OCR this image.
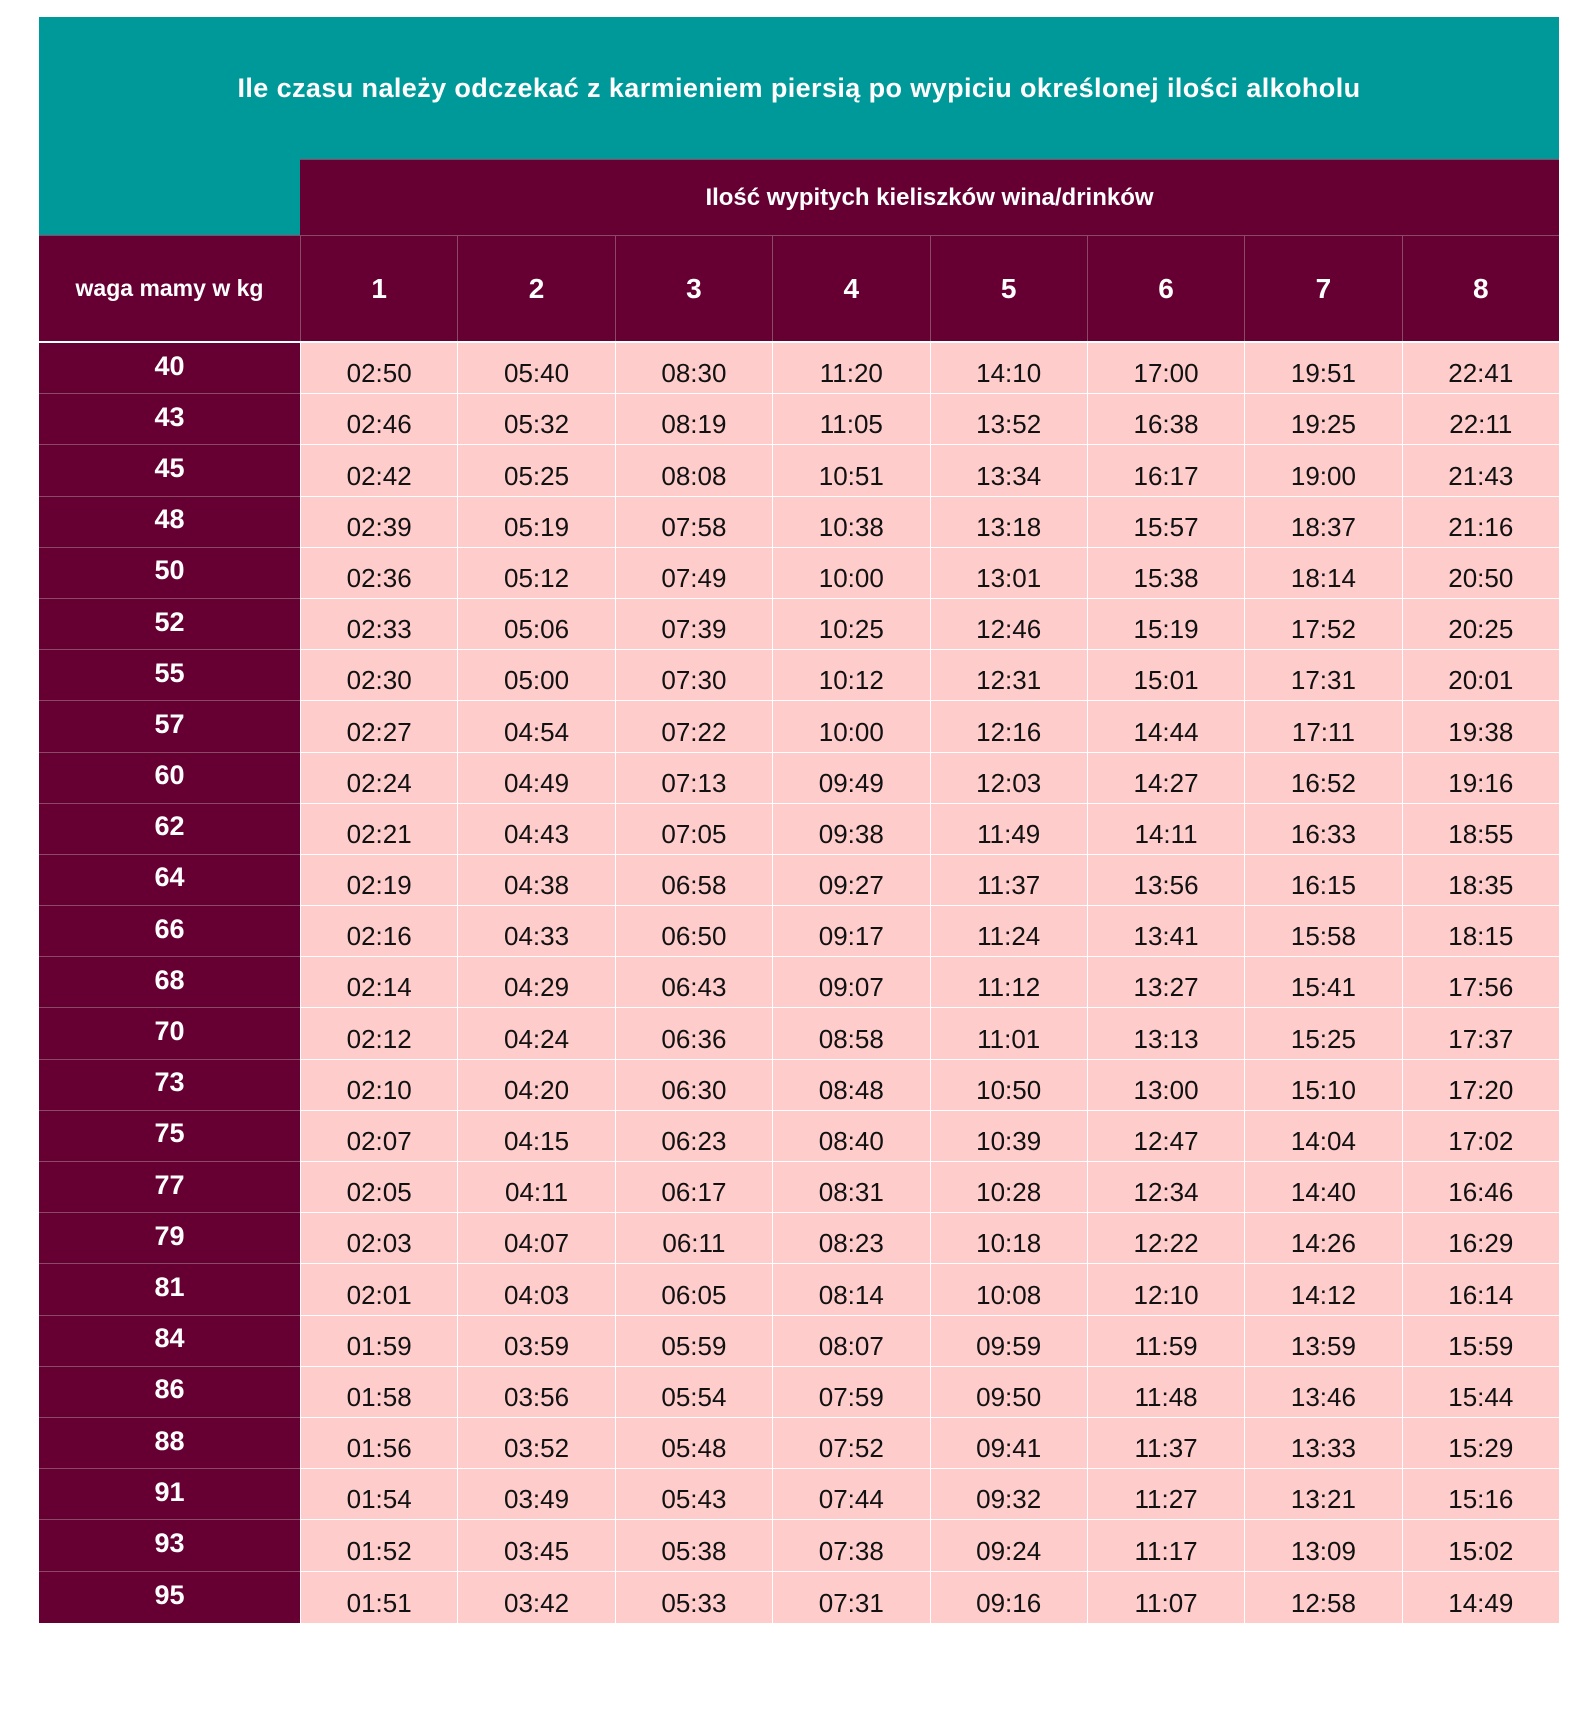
Ile czasu należy odczekać z karmieniem piersią po wypiciu określonej ilości alkoholu
Ilość wypitych kieliszków wina/drinków
waga mamy w kg	1	2	3	4	5	6	7	8
40	02:50	05:40	08:30	11:20	14:10	17:00	19:51	22:41
43	02:46	05:32	08:19	11:05	13:52	16:38	19:25	22:11
45	02:42	05:25	08:08	10:51	13:34	16:17	19:00	21:43
48	02:39	05:19	07:58	10:38	13:18	15:57	18:37	21:16
50	02:36	05:12	07:49	10:00	13:01	15:38	18:14	20:50
52	02:33	05:06	07:39	10:25	12:46	15:19	17:52	20:25
55	02:30	05:00	07:30	10:12	12:31	15:01	17:31	20:01
57	02:27	04:54	07:22	10:00	12:16	14:44	17:11	19:38
60	02:24	04:49	07:13	09:49	12:03	14:27	16:52	19:16
62	02:21	04:43	07:05	09:38	11:49	14:11	16:33	18:55
64	02:19	04:38	06:58	09:27	11:37	13:56	16:15	18:35
66	02:16	04:33	06:50	09:17	11:24	13:41	15:58	18:15
68	02:14	04:29	06:43	09:07	11:12	13:27	15:41	17:56
70	02:12	04:24	06:36	08:58	11:01	13:13	15:25	17:37
73	02:10	04:20	06:30	08:48	10:50	13:00	15:10	17:20
75	02:07	04:15	06:23	08:40	10:39	12:47	14:04	17:02
77	02:05	04:11	06:17	08:31	10:28	12:34	14:40	16:46
79	02:03	04:07	06:11	08:23	10:18	12:22	14:26	16:29
81	02:01	04:03	06:05	08:14	10:08	12:10	14:12	16:14
84	01:59	03:59	05:59	08:07	09:59	11:59	13:59	15:59
86	01:58	03:56	05:54	07:59	09:50	11:48	13:46	15:44
88	01:56	03:52	05:48	07:52	09:41	11:37	13:33	15:29
91	01:54	03:49	05:43	07:44	09:32	11:27	13:21	15:16
93	01:52	03:45	05:38	07:38	09:24	11:17	13:09	15:02
95	01:51	03:42	05:33	07:31	09:16	11:07	12:58	14:49
